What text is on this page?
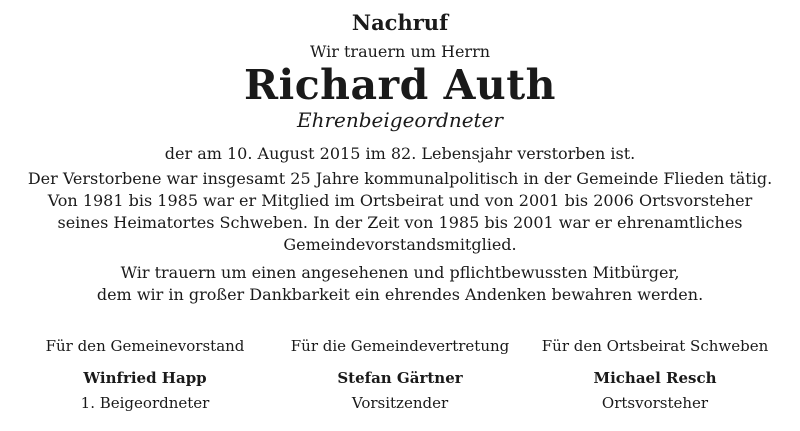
Nachruf
Wir trauern um Herrn
Richard Auth
Ehrenbeigeordneter
der am 10. August 2015 im 82. Lebensjahr verstorben ist.
Der Verstorbene war insgesamt 25 Jahre kommunalpolitisch in der Gemeinde Flieden tätig.
Von 1981 bis 1985 war er Mitglied im Ortsbeirat und von 2001 bis 2006 Ortsvorsteher
seines Heimatortes Schweben. In der Zeit von 1985 bis 2001 war er ehrenamtliches
Gemeindevorstandsmitglied.
Wir trauern um einen angesehenen und pflichtbewussten Mitbürger,
dem wir in großer Dankbarkeit ein ehrendes Andenken bewahren werden.
Für den Gemeinevorstand
Winfried Happ
1. Beigeordneter
Für die Gemeindevertretung
Stefan Gärtner
Vorsitzender
Für den Ortsbeirat Schweben
Michael Resch
Ortsvorsteher
